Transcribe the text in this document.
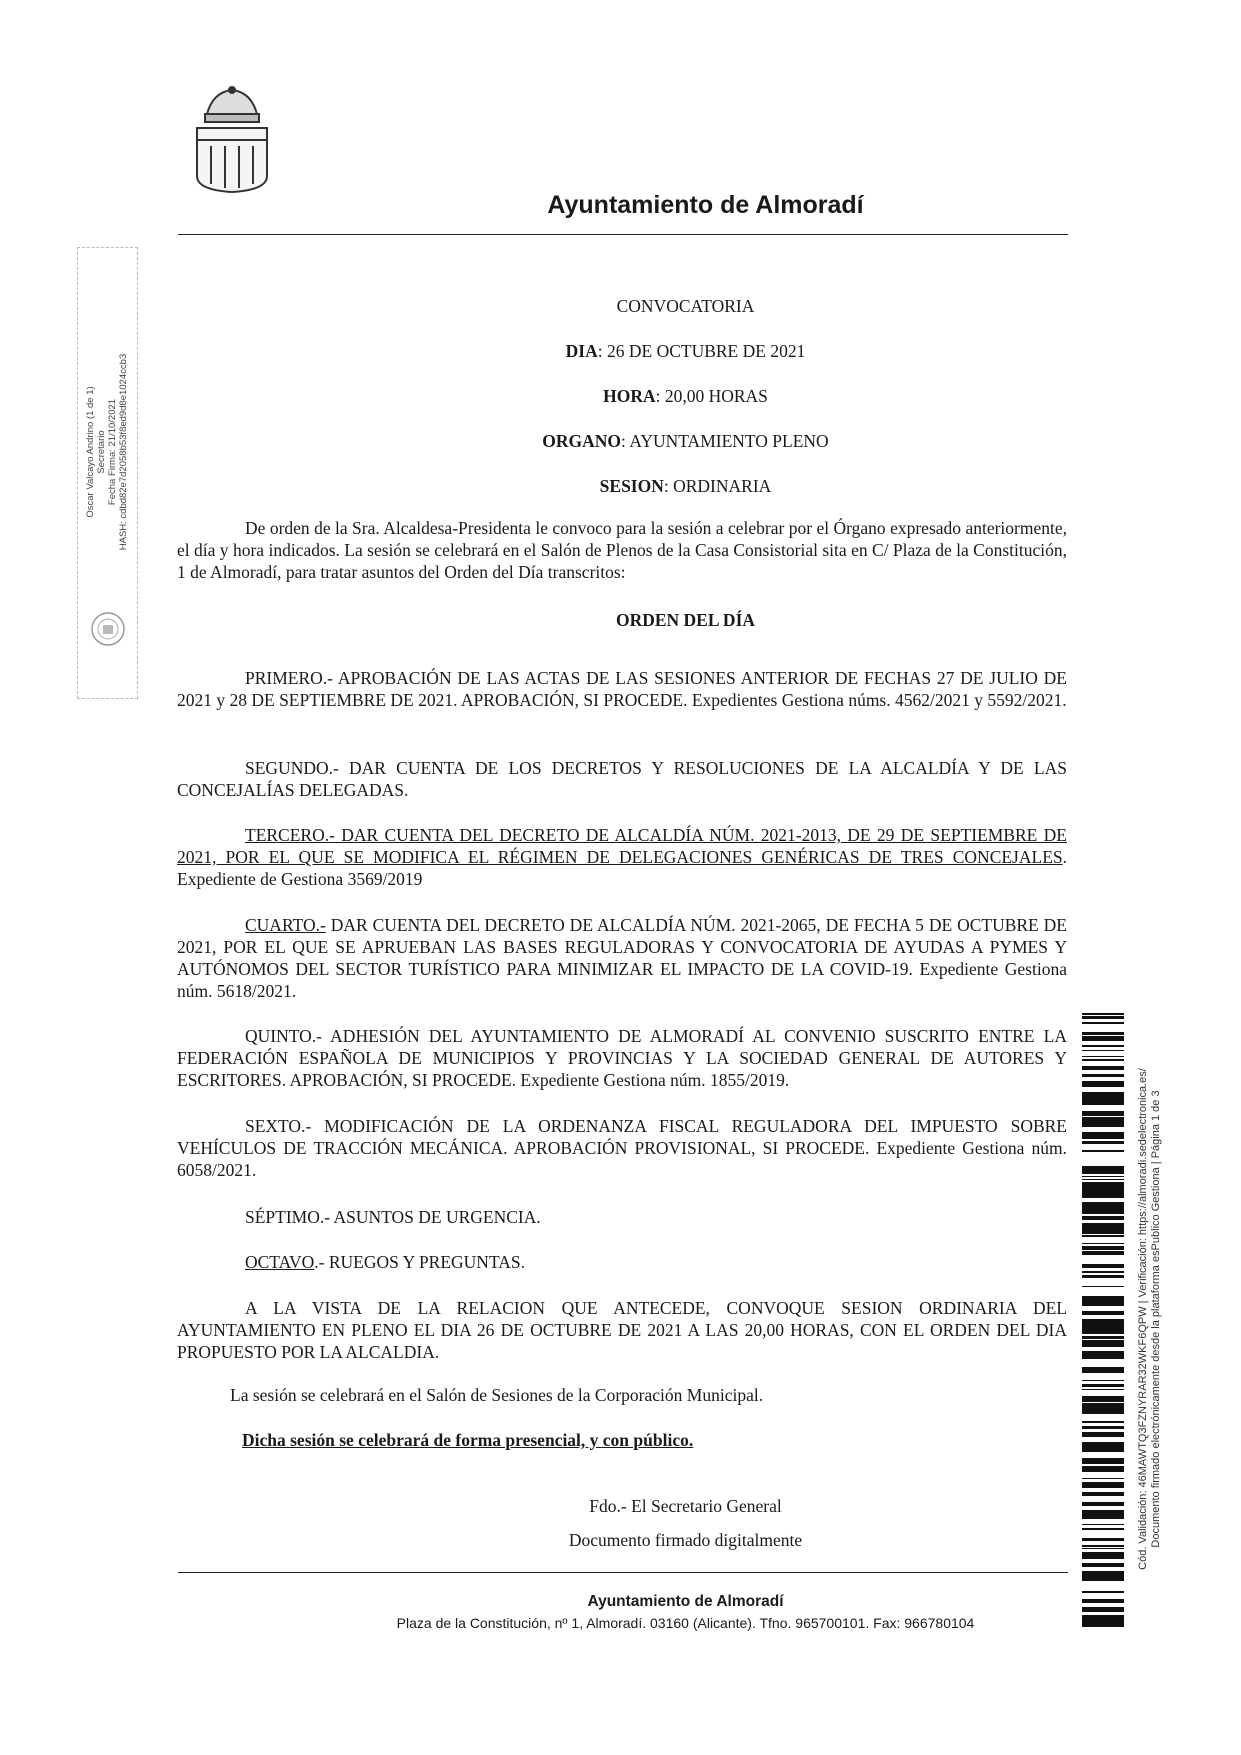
Ayuntamiento de Almoradí
Oscar Valcayo Andrino (1 de 1) Secretario Fecha Firma: 21/10/2021 HASH: cdbd82e7d2058b53f8ed9d8e1024ccb3
Cód. Validación: 46MAWTQ3FZNYRAR32WKF6QPW | Verificación: https://almoradi.sedelectronica.es/ Documento firmado electrónicamente desde la plataforma esPublico Gestiona | Página 1 de 3
CONVOCATORIA
DIA: 26 DE OCTUBRE DE 2021
HORA: 20,00 HORAS
ORGANO: AYUNTAMIENTO PLENO
SESION: ORDINARIA
De orden de la Sra. Alcaldesa-Presidenta le convoco para la sesión a celebrar por el Órgano expresado anteriormente, el día y hora indicados. La sesión se celebrará en el Salón de Plenos de la Casa Consistorial sita en C/ Plaza de la Constitución, 1 de Almoradí, para tratar asuntos del Orden del Día transcritos:
ORDEN DEL DÍA
PRIMERO.- APROBACIÓN DE LAS ACTAS DE LAS SESIONES ANTERIOR DE FECHAS 27 DE JULIO DE 2021 y 28 DE SEPTIEMBRE DE 2021. APROBACIÓN, SI PROCEDE. Expedientes Gestiona núms. 4562/2021 y 5592/2021.
SEGUNDO.- DAR CUENTA DE LOS DECRETOS Y RESOLUCIONES DE LA ALCALDÍA Y DE LAS CONCEJALÍAS DELEGADAS.
TERCERO.- DAR CUENTA DEL DECRETO DE ALCALDÍA NÚM. 2021-2013, DE 29 DE SEPTIEMBRE DE 2021, POR EL QUE SE MODIFICA EL RÉGIMEN DE DELEGACIONES GENÉRICAS DE TRES CONCEJALES. Expediente de Gestiona 3569/2019
CUARTO.- DAR CUENTA DEL DECRETO DE ALCALDÍA NÚM. 2021-2065, DE FECHA 5 DE OCTUBRE DE 2021, POR EL QUE SE APRUEBAN LAS BASES REGULADORAS Y CONVOCATORIA DE AYUDAS A PYMES Y AUTÓNOMOS DEL SECTOR TURÍSTICO PARA MINIMIZAR EL IMPACTO DE LA COVID-19. Expediente Gestiona núm. 5618/2021.
QUINTO.- ADHESIÓN DEL AYUNTAMIENTO DE ALMORADÍ AL CONVENIO SUSCRITO ENTRE LA FEDERACIÓN ESPAÑOLA DE MUNICIPIOS Y PROVINCIAS Y LA SOCIEDAD GENERAL DE AUTORES Y ESCRITORES. APROBACIÓN, SI PROCEDE. Expediente Gestiona núm. 1855/2019.
SEXTO.- MODIFICACIÓN DE LA ORDENANZA FISCAL REGULADORA DEL IMPUESTO SOBRE VEHÍCULOS DE TRACCIÓN MECÁNICA. APROBACIÓN PROVISIONAL, SI PROCEDE. Expediente Gestiona núm. 6058/2021.
SÉPTIMO.- ASUNTOS DE URGENCIA.
OCTAVO.- RUEGOS Y PREGUNTAS.
A LA VISTA DE LA RELACION QUE ANTECEDE, CONVOQUE SESION ORDINARIA DEL AYUNTAMIENTO EN PLENO EL DIA 26 DE OCTUBRE DE 2021 A LAS 20,00 HORAS, CON EL ORDEN DEL DIA PROPUESTO POR LA ALCALDIA.
La sesión se celebrará en el Salón de Sesiones de la Corporación Municipal.
Dicha sesión se celebrará de forma presencial, y con público.
Fdo.- El Secretario General
Documento firmado digitalmente
Ayuntamiento de Almoradí
Plaza de la Constitución, nº 1, Almoradí. 03160 (Alicante). Tfno. 965700101. Fax: 966780104
